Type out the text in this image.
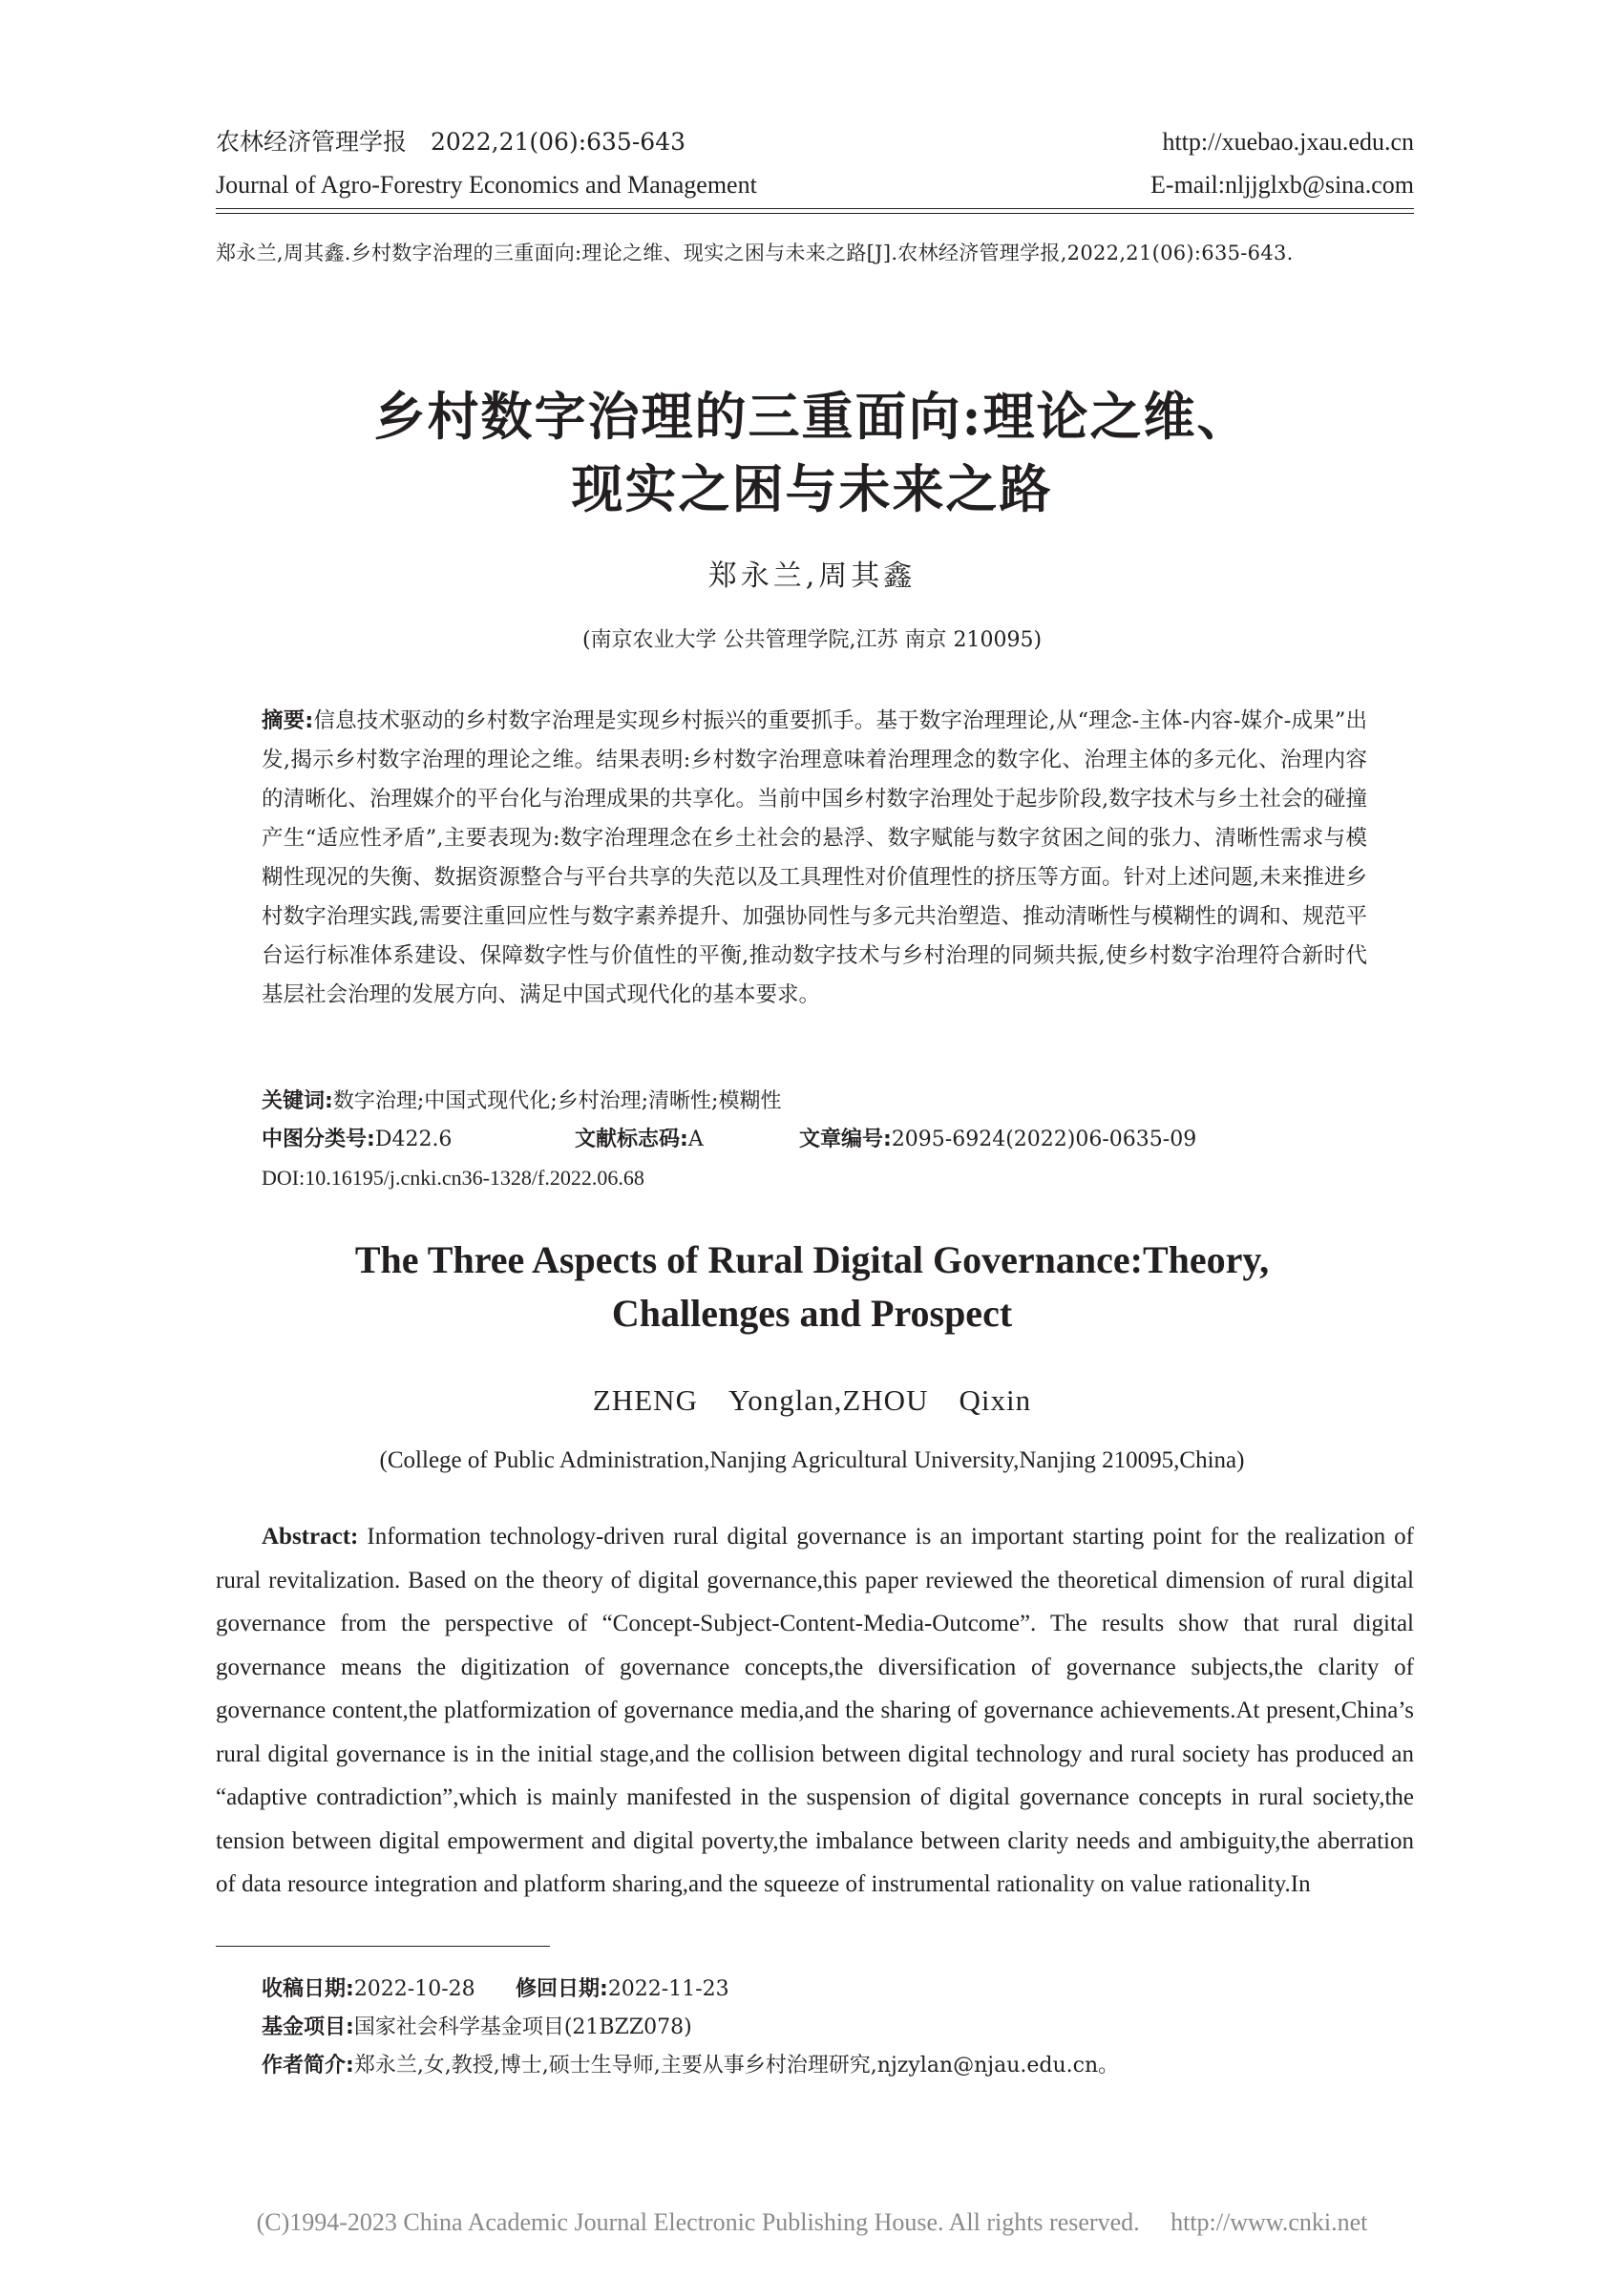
农林经济管理学报　2022,21(06):635-643
Journal of Agro-Forestry Economics and Management
http://xuebao.jxau.edu.cn
E-mail:nljjglxb@sina.com
郑永兰,周其鑫.乡村数字治理的三重面向:理论之维、现实之困与未来之路[J].农林经济管理学报,2022,21(06):635-643.
乡村数字治理的三重面向:理论之维、
现实之困与未来之路
郑永兰,周其鑫
(南京农业大学 公共管理学院,江苏 南京 210095)
摘要:信息技术驱动的乡村数字治理是实现乡村振兴的重要抓手。基于数字治理理论,从“理念-主体-内容-媒介-成果”出发,揭示乡村数字治理的理论之维。结果表明:乡村数字治理意味着治理理念的数字化、治理主体的多元化、治理内容的清晰化、治理媒介的平台化与治理成果的共享化。当前中国乡村数字治理处于起步阶段,数字技术与乡土社会的碰撞产生“适应性矛盾”,主要表现为:数字治理理念在乡土社会的悬浮、数字赋能与数字贫困之间的张力、清晰性需求与模糊性现况的失衡、数据资源整合与平台共享的失范以及工具理性对价值理性的挤压等方面。针对上述问题,未来推进乡村数字治理实践,需要注重回应性与数字素养提升、加强协同性与多元共治塑造、推动清晰性与模糊性的调和、规范平台运行标准体系建设、保障数字性与价值性的平衡,推动数字技术与乡村治理的同频共振,使乡村数字治理符合新时代基层社会治理的发展方向、满足中国式现代化的基本要求。
关键词:数字治理;中国式现代化;乡村治理;清晰性;模糊性
中图分类号:D422.6	文献标志码:A	文章编号:2095-6924(2022)06-0635-09
DOI:10.16195/j.cnki.cn36-1328/f.2022.06.68
The Three Aspects of Rural Digital Governance:Theory,
Challenges and Prospect
ZHENG　Yonglan,ZHOU　Qixin
(College of Public Administration,Nanjing Agricultural University,Nanjing 210095,China)
Abstract: Information technology-driven rural digital governance is an important starting point for the realization of rural revitalization. Based on the theory of digital governance,this paper reviewed the theoretical dimension of rural digital governance from the perspective of “Concept-Subject-Content-Media-Outcome”. The results show that rural digital governance means the digitization of governance concepts,the diversification of governance subjects,the clarity of governance content,the platformization of governance media,and the sharing of governance achievements.At present,China’s rural digital governance is in the initial stage,and the collision between digital technology and rural society has produced an “adaptive contradiction”,which is mainly manifested in the suspension of digital governance concepts in rural society,the tension between digital empowerment and digital poverty,the imbalance between clarity needs and ambiguity,the aberration of data resource integration and platform sharing,and the squeeze of instrumental rationality on value rationality.In
收稿日期:2022-10-28 修回日期:2022-11-23
基金项目:国家社会科学基金项目(21BZZ078)
作者简介:郑永兰,女,教授,博士,硕士生导师,主要从事乡村治理研究,njzylan@njau.edu.cn。
(C)1994-2023 China Academic Journal Electronic Publishing House. All rights reserved.　 http://www.cnki.net
